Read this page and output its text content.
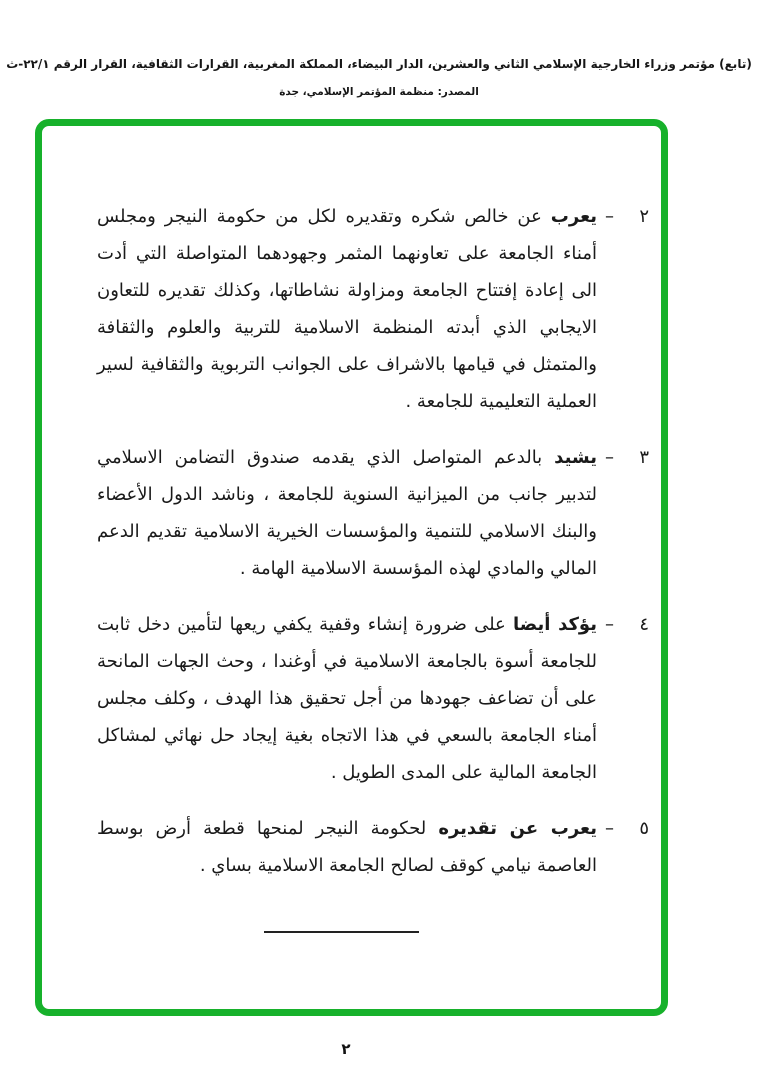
(تابع) مؤتمر وزراء الخارجية الإسلامي الثاني والعشرين، الدار البيضاء، المملكة المغربية، القرارات الثقافية، القرار الرقم ٢٢/١-ث
المصدر: منظمة المؤتمر الإسلامي، جدة
٢
–

يعرب عن خالص شكره وتقديره لكل من حكومة النيجر ومجلس أمناء الجامعة على تعاونهما المثمر وجهودهما المتواصلة التي أدت الى إعادة إفتتاح الجامعة ومزاولة نشاطاتها، وكذلك تقديره للتعاون الايجابي الذي أبدته المنظمة الاسلامية للتربية والعلوم والثقافة والمتمثل في قيامها بالاشراف على الجوانب التربوية والثقافية لسير العملية التعليمية للجامعة .

٣
–

يشيد بالدعم المتواصل الذي يقدمه صندوق التضامن الاسلامي لتدبير جانب من الميزانية السنوية للجامعة ، وناشد الدول الأعضاء والبنك الاسلامي للتنمية والمؤسسات الخيرية الاسلامية تقديم الدعم المالي والمادي لهذه المؤسسة الاسلامية الهامة .

٤
–

يؤكد أيضا على ضرورة إنشاء وقفية يكفي ريعها لتأمين دخل ثابت للجامعة أسوة بالجامعة الاسلامية في أوغندا ، وحث الجهات المانحة على أن تضاعف جهودها من أجل تحقيق هذا الهدف ، وكلف مجلس أمناء الجامعة بالسعي في هذا الاتجاه بغية إيجاد حل نهائي لمشاكل الجامعة المالية على المدى الطويل .

٥
–

يعرب عن تقديره لحكومة النيجر لمنحها قطعة أرض بوسط العاصمة نيامي كوقف لصالح الجامعة الاسلامية بساي .

٢
